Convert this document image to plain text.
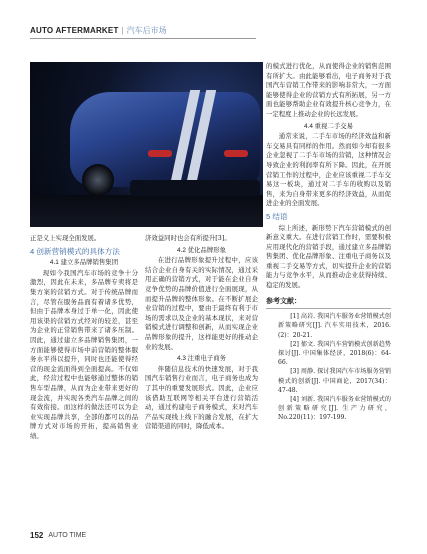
AUTO AFTERMARKET | 汽车后市场

正是义上实现全面发展。

4 创新营销模式的具体方法
4.1 建立多品牌销售集团

现如今我国汽车市场的竞争十分激烈，因此在未来，多品牌专卖将是集方案的营销方式。对于传统品牌而言，尽管在服务品面有着诸多优势，但由于品牌本身过于单一化，因此使用该渠的营销方式经对的较差，甚至为企业的正常销售带来了诸多压制。因此，通过建立多品牌销售集团，一方面能够使得市场中前营销的整体服务水平得以提升，同时也还能使得经营的现金流面得到全面提高。不仅如此，经营过程中也能够通过整体的销售车型品牌，从而为企业带来更好的现金流，并实现各类汽车品牌之间的有效衔接。而这样的做法还可以为企业实现品牌共享，全部的都可以的品牌方式对市场的开拓，提高销售业绩。

济效益同时也会有所提升[3]。

4.2 优化品牌形象

在进行品牌形象提升过程中，应该结合企业自身有关的实际情况，通过采用正确的营销方式，对于能在企业自身竞争优势的品牌价值进行全面展现，从而提升品牌的整体形象。在不断扩展企业营销的过程中，要由于最终有利于市场的需求以及企业的基本现状，来对营销模式进行调整和创新，从而实现企业品牌形象的提升，这样能更好的推动企业的发展。

4.3 注重电子商务

伴随信息技术的快速发展，对于我国汽车销售行业而言，电子商务也成为了其中的重要发展形式。因此，企业应该借助互联网等相关平台进行营销活动，通过构建电子商务模式，来对汽车产品实现线上线下的融合发展，在扩大营销渠道的同时，降低成本。

的模式进行优化，从而使得企业的销售范围有所扩大。由此能够看出，电子商务对于我国汽车营销工作带来的影响非常大，一方面能够使得企业的营销方式有所拓展，另一方面也能够帮助企业有效提升核心竞争力，在一定程度上推动企业的长远发展。

4.4 重视二手交易

通常来说，二手车市场的经济效益和新车交易具有同样的作用。然而如今却有很多企业忽视了二手车市场的营销，这种情况会导致企业的利润率有所下降。因此，在开展营销工作的过程中，企业应该重视二手车交易这一板块，通过对二手车的收购以及销售，来为自身带来更多的经济效益，从而促进企业的全面发展。

5 结语

综上所述，新形势下汽车营销模式的创新意义重大。在进行营销工作时，需要积极应用现代化的营销手段，通过建立多品牌销售集团、优化品牌形象、注重电子商务以及重视二手交易等方式，切实提升企业的营销能力与竞争水平，从而推动企业获得持续、稳定的发展。

参考文献：

[1] 高岩. 我国汽车服务业营销模式创新策略研究[J]. 汽车实用技术，2016.(2)：20-21.

[2] 郁文. 我国汽车营销模式创新趋势探讨[J]. 中国集体经济，2018(6)：64-66.

[3] 周静. 探讨我国汽车市场服务营销模式的创新[J]. 中国商论，2017(34)：47-48.

[4] 刘新. 我国汽车服务业营销模式的创新策略研究[J]. 生产力研究，No.220(11)：197-199.

152 AUTO TIME
